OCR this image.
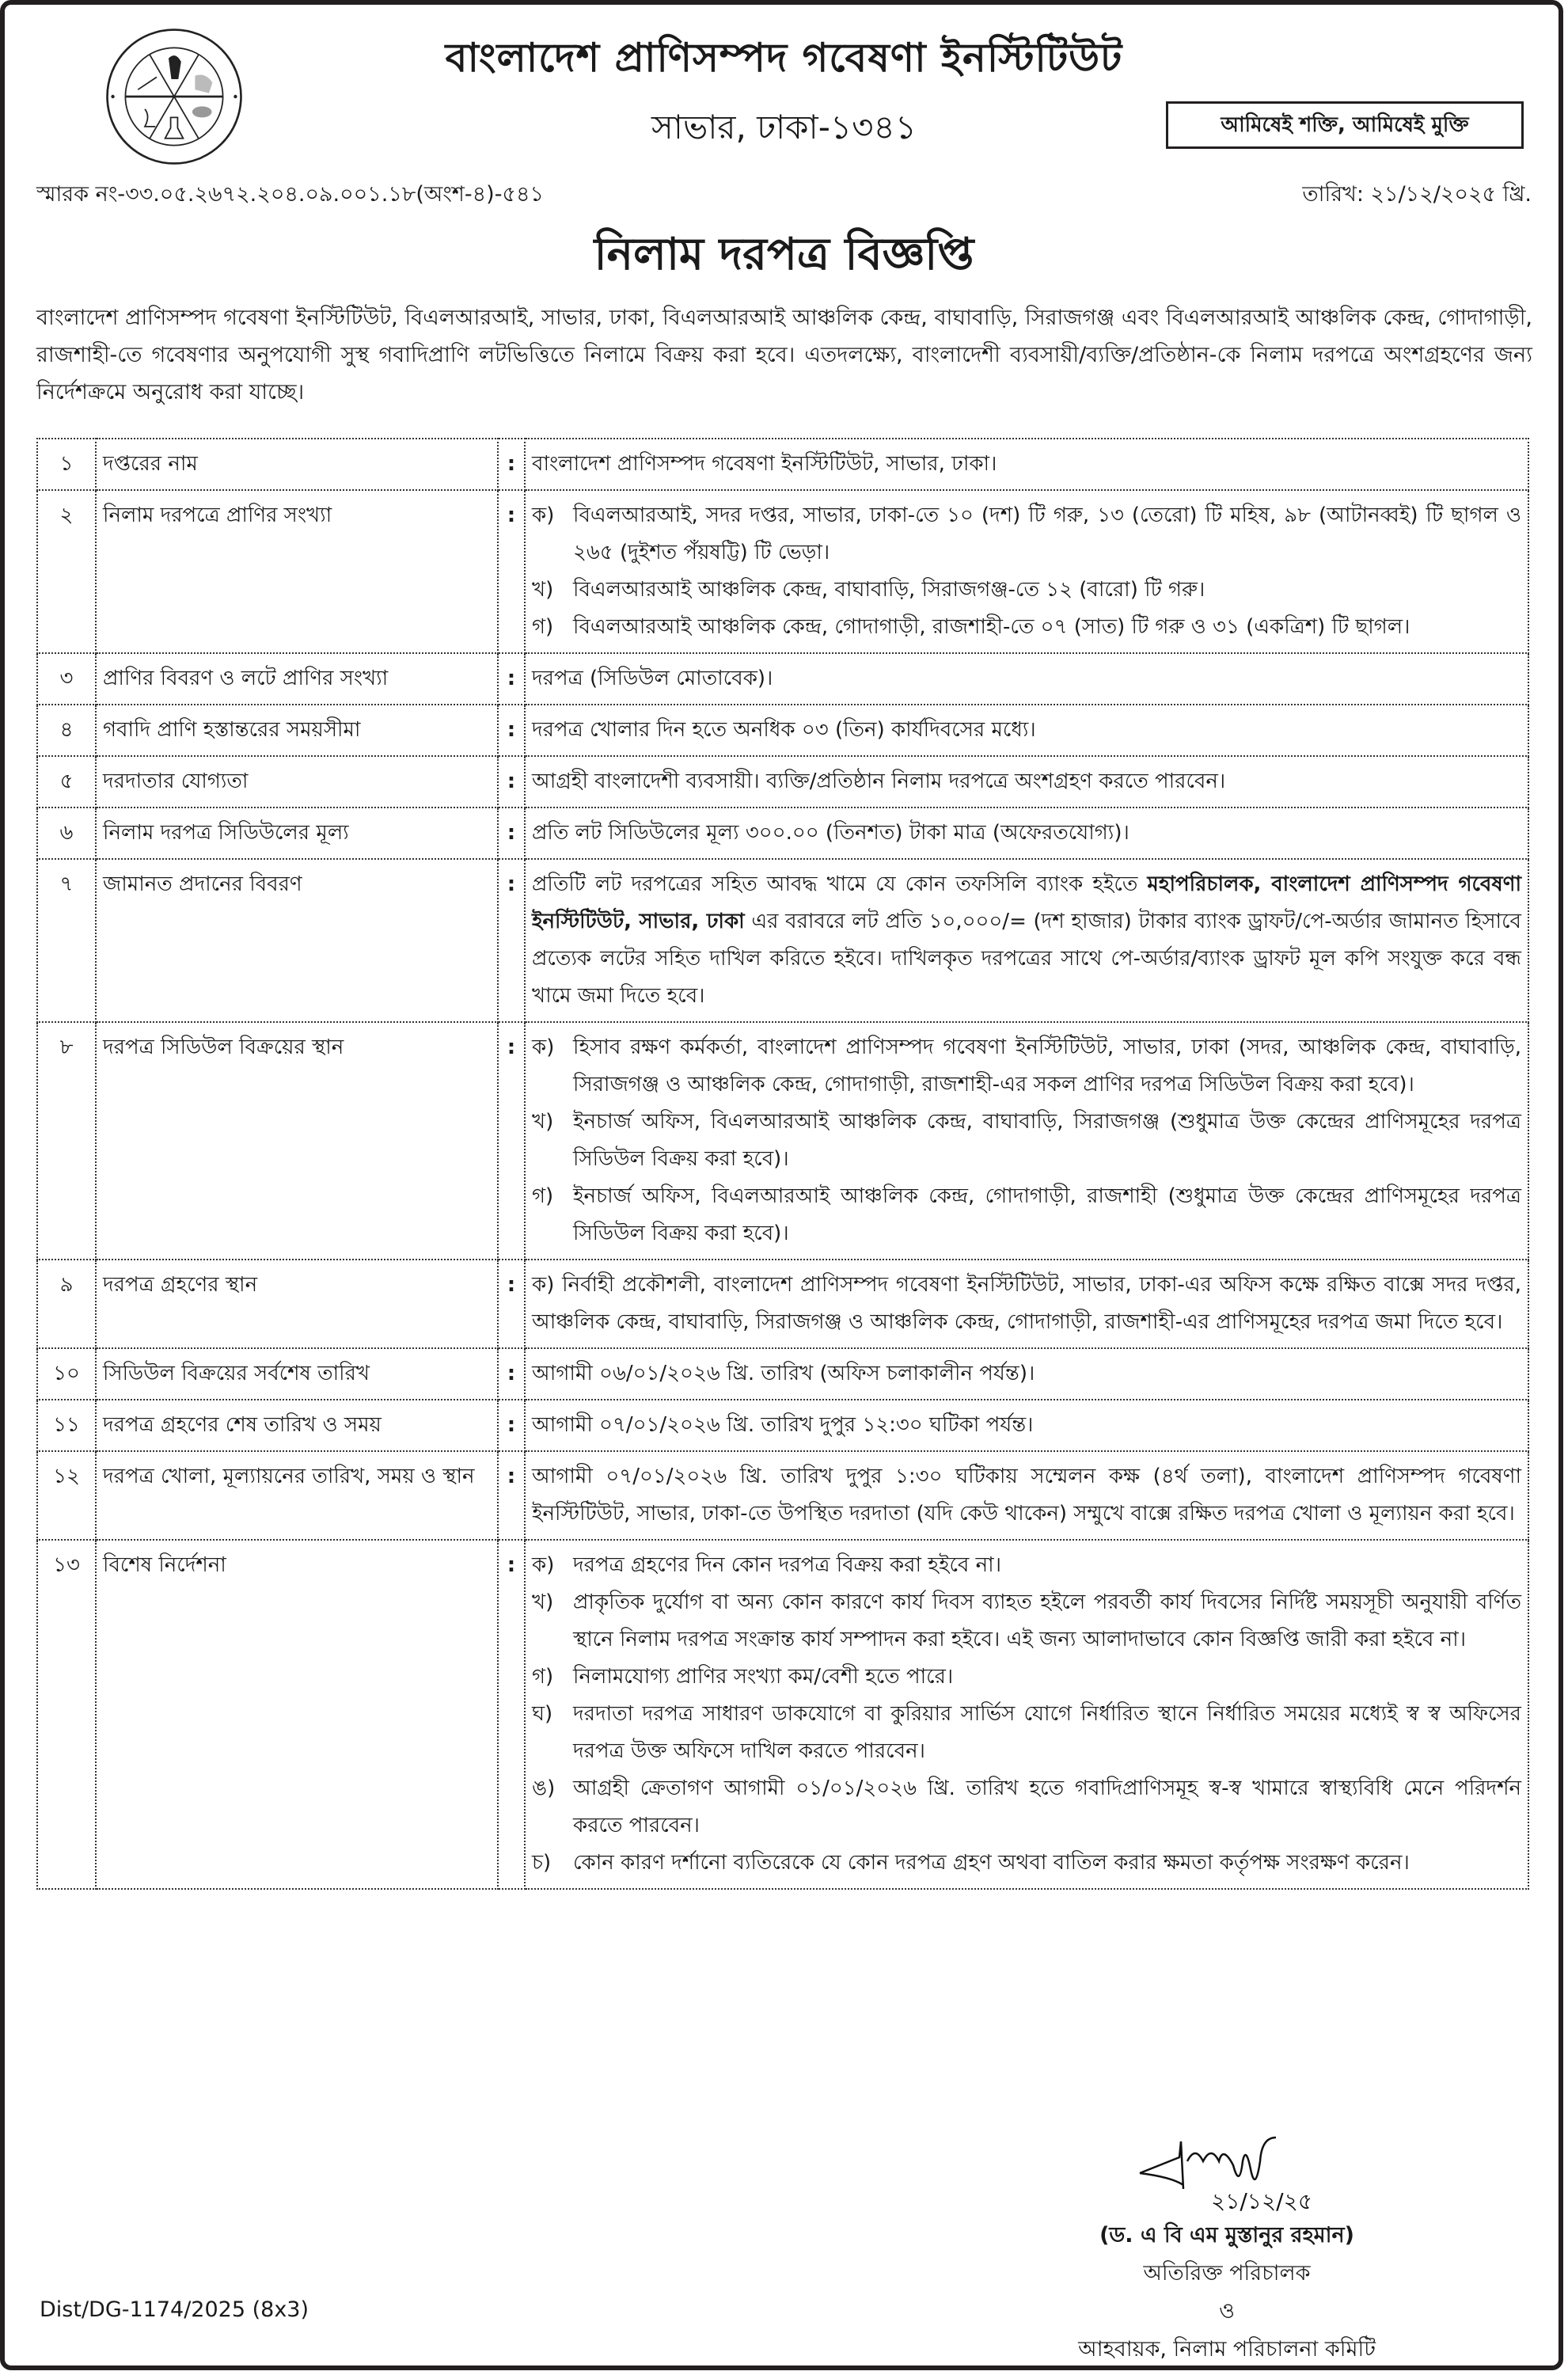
বাংলাদেশ প্রাণিসম্পদ গবেষণা ইনস্টিটিউট
সাভার, ঢাকা-১৩৪১	আমিষেই শক্তি, আমিষেই মুক্তি
স্মারক নং-৩৩.০৫.২৬৭২.২০৪.০৯.০০১.১৮(অংশ-৪)-৫৪১	তারিখ: ২১/১২/২০২৫ খ্রি.
নিলাম দরপত্র বিজ্ঞপ্তি
বাংলাদেশ প্রাণিসম্পদ গবেষণা ইনস্টিটিউট, বিএলআরআই, সাভার, ঢাকা, বিএলআরআই আঞ্চলিক কেন্দ্র, বাঘাবাড়ি, সিরাজগঞ্জ এবং বিএলআরআই আঞ্চলিক কেন্দ্র, গোদাগাড়ী, রাজশাহী-তে গবেষণার অনুপযোগী সুস্থ গবাদিপ্রাণি লটভিত্তিতে নিলামে বিক্রয় করা হবে। এতদলক্ষ্যে, বাংলাদেশী ব্যবসায়ী/ব্যক্তি/প্রতিষ্ঠান-কে নিলাম দরপত্রে অংশগ্রহণের জন্য নির্দেশক্রমে অনুরোধ করা যাচ্ছে।
১	দপ্তরের নাম	:	বাংলাদেশ প্রাণিসম্পদ গবেষণা ইনস্টিটিউট, সাভার, ঢাকা।
২	নিলাম দরপত্রে প্রাণির সংখ্যা	:	ক) বিএলআরআই, সদর দপ্তর, সাভার, ঢাকা-তে ১০ (দশ) টি গরু, ১৩ (তেরো) টি মহিষ, ৯৮ (আটানব্বই) টি ছাগল ও ২৬৫ (দুইশত পঁয়ষট্টি) টি ভেড়া।
খ) বিএলআরআই আঞ্চলিক কেন্দ্র, বাঘাবাড়ি, সিরাজগঞ্জ-তে ১২ (বারো) টি গরু।
গ) বিএলআরআই আঞ্চলিক কেন্দ্র, গোদাগাড়ী, রাজশাহী-তে ০৭ (সাত) টি গরু ও ৩১ (একত্রিশ) টি ছাগল।

৩	প্রাণির বিবরণ ও লটে প্রাণির সংখ্যা	:	দরপত্র (সিডিউল মোতাবেক)।
৪	গবাদি প্রাণি হস্তান্তরের সময়সীমা	:	দরপত্র খোলার দিন হতে অনধিক ০৩ (তিন) কার্যদিবসের মধ্যে।
৫	দরদাতার যোগ্যতা	:	আগ্রহী বাংলাদেশী ব্যবসায়ী। ব্যক্তি/প্রতিষ্ঠান নিলাম দরপত্রে অংশগ্রহণ করতে পারবেন।
৬	নিলাম দরপত্র সিডিউলের মূল্য	:	প্রতি লট সিডিউলের মূল্য ৩০০.০০ (তিনশত) টাকা মাত্র (অফেরতযোগ্য)।
৭	জামানত প্রদানের বিবরণ	:	প্রতিটি লট দরপত্রের সহিত আবদ্ধ খামে যে কোন তফসিলি ব্যাংক হইতে মহাপরিচালক, বাংলাদেশ প্রাণিসম্পদ গবেষণা ইনস্টিটিউট, সাভার, ঢাকা এর বরাবরে লট প্রতি ১০,০০০/= (দশ হাজার) টাকার ব্যাংক ড্রাফট/পে-অর্ডার জামানত হিসাবে প্রত্যেক লটের সহিত দাখিল করিতে হইবে। দাখিলকৃত দরপত্রের সাথে পে-অর্ডার/ব্যাংক ড্রাফট মূল কপি সংযুক্ত করে বন্ধ খামে জমা দিতে হবে।
৮	দরপত্র সিডিউল বিক্রয়ের স্থান	:	ক) হিসাব রক্ষণ কর্মকর্তা, বাংলাদেশ প্রাণিসম্পদ গবেষণা ইনস্টিটিউট, সাভার, ঢাকা (সদর, আঞ্চলিক কেন্দ্র, বাঘাবাড়ি, সিরাজগঞ্জ ও আঞ্চলিক কেন্দ্র, গোদাগাড়ী, রাজশাহী-এর সকল প্রাণির দরপত্র সিডিউল বিক্রয় করা হবে)।
খ) ইনচার্জ অফিস, বিএলআরআই আঞ্চলিক কেন্দ্র, বাঘাবাড়ি, সিরাজগঞ্জ (শুধুমাত্র উক্ত কেন্দ্রের প্রাণিসমূহের দরপত্র সিডিউল বিক্রয় করা হবে)।
গ) ইনচার্জ অফিস, বিএলআরআই আঞ্চলিক কেন্দ্র, গোদাগাড়ী, রাজশাহী (শুধুমাত্র উক্ত কেন্দ্রের প্রাণিসমূহের দরপত্র সিডিউল বিক্রয় করা হবে)।

৯	দরপত্র গ্রহণের স্থান	:	ক) নির্বাহী প্রকৌশলী, বাংলাদেশ প্রাণিসম্পদ গবেষণা ইনস্টিটিউট, সাভার, ঢাকা-এর অফিস কক্ষে রক্ষিত বাক্সে সদর দপ্তর, আঞ্চলিক কেন্দ্র, বাঘাবাড়ি, সিরাজগঞ্জ ও আঞ্চলিক কেন্দ্র, গোদাগাড়ী, রাজশাহী-এর প্রাণিসমূহের দরপত্র জমা দিতে হবে।
১০	সিডিউল বিক্রয়ের সর্বশেষ তারিখ	:	আগামী ০৬/০১/২০২৬ খ্রি. তারিখ (অফিস চলাকালীন পর্যন্ত)।
১১	দরপত্র গ্রহণের শেষ তারিখ ও সময়	:	আগামী ০৭/০১/২০২৬ খ্রি. তারিখ দুপুর ১২:৩০ ঘটিকা পর্যন্ত।
১২	দরপত্র খোলা, মূল্যায়নের তারিখ, সময় ও স্থান	:	আগামী ০৭/০১/২০২৬ খ্রি. তারিখ দুপুর ১:৩০ ঘটিকায় সম্মেলন কক্ষ (৪র্থ তলা), বাংলাদেশ প্রাণিসম্পদ গবেষণা ইনস্টিটিউট, সাভার, ঢাকা-তে উপস্থিত দরদাতা (যদি কেউ থাকেন) সম্মুখে বাক্সে রক্ষিত দরপত্র খোলা ও মূল্যায়ন করা হবে।
১৩	বিশেষ নির্দেশনা	:	ক) দরপত্র গ্রহণের দিন কোন দরপত্র বিক্রয় করা হইবে না।
খ) প্রাকৃতিক দুর্যোগ বা অন্য কোন কারণে কার্য দিবস ব্যাহত হইলে পরবর্তী কার্য দিবসের নির্দিষ্ট সময়সূচী অনুযায়ী বর্ণিত স্থানে নিলাম দরপত্র সংক্রান্ত কার্য সম্পাদন করা হইবে। এই জন্য আলাদাভাবে কোন বিজ্ঞপ্তি জারী করা হইবে না।
গ) নিলামযোগ্য প্রাণির সংখ্যা কম/বেশী হতে পারে।
ঘ) দরদাতা দরপত্র সাধারণ ডাকযোগে বা কুরিয়ার সার্ভিস যোগে নির্ধারিত স্থানে নির্ধারিত সময়ের মধ্যেই স্ব স্ব অফিসের দরপত্র উক্ত অফিসে দাখিল করতে পারবেন।
ঙ) আগ্রহী ক্রেতাগণ আগামী ০১/০১/২০২৬ খ্রি. তারিখ হতে গবাদিপ্রাণিসমূহ স্ব-স্ব খামারে স্বাস্থ্যবিধি মেনে পরিদর্শন করতে পারবেন।
চ)	কোন কারণ দর্শানো ব্যতিরেকে যে কোন দরপত্র গ্রহণ অথবা বাতিল করার ক্ষমতা কর্তৃপক্ষ সংরক্ষণ করেন।
২১/১২/২৫
(ড. এ বি এম মুস্তানুর রহমান)
অতিরিক্ত পরিচালক
ও
আহবায়ক, নিলাম পরিচালনা কমিটি
Dist/DG-1174/2025 (8x3)
